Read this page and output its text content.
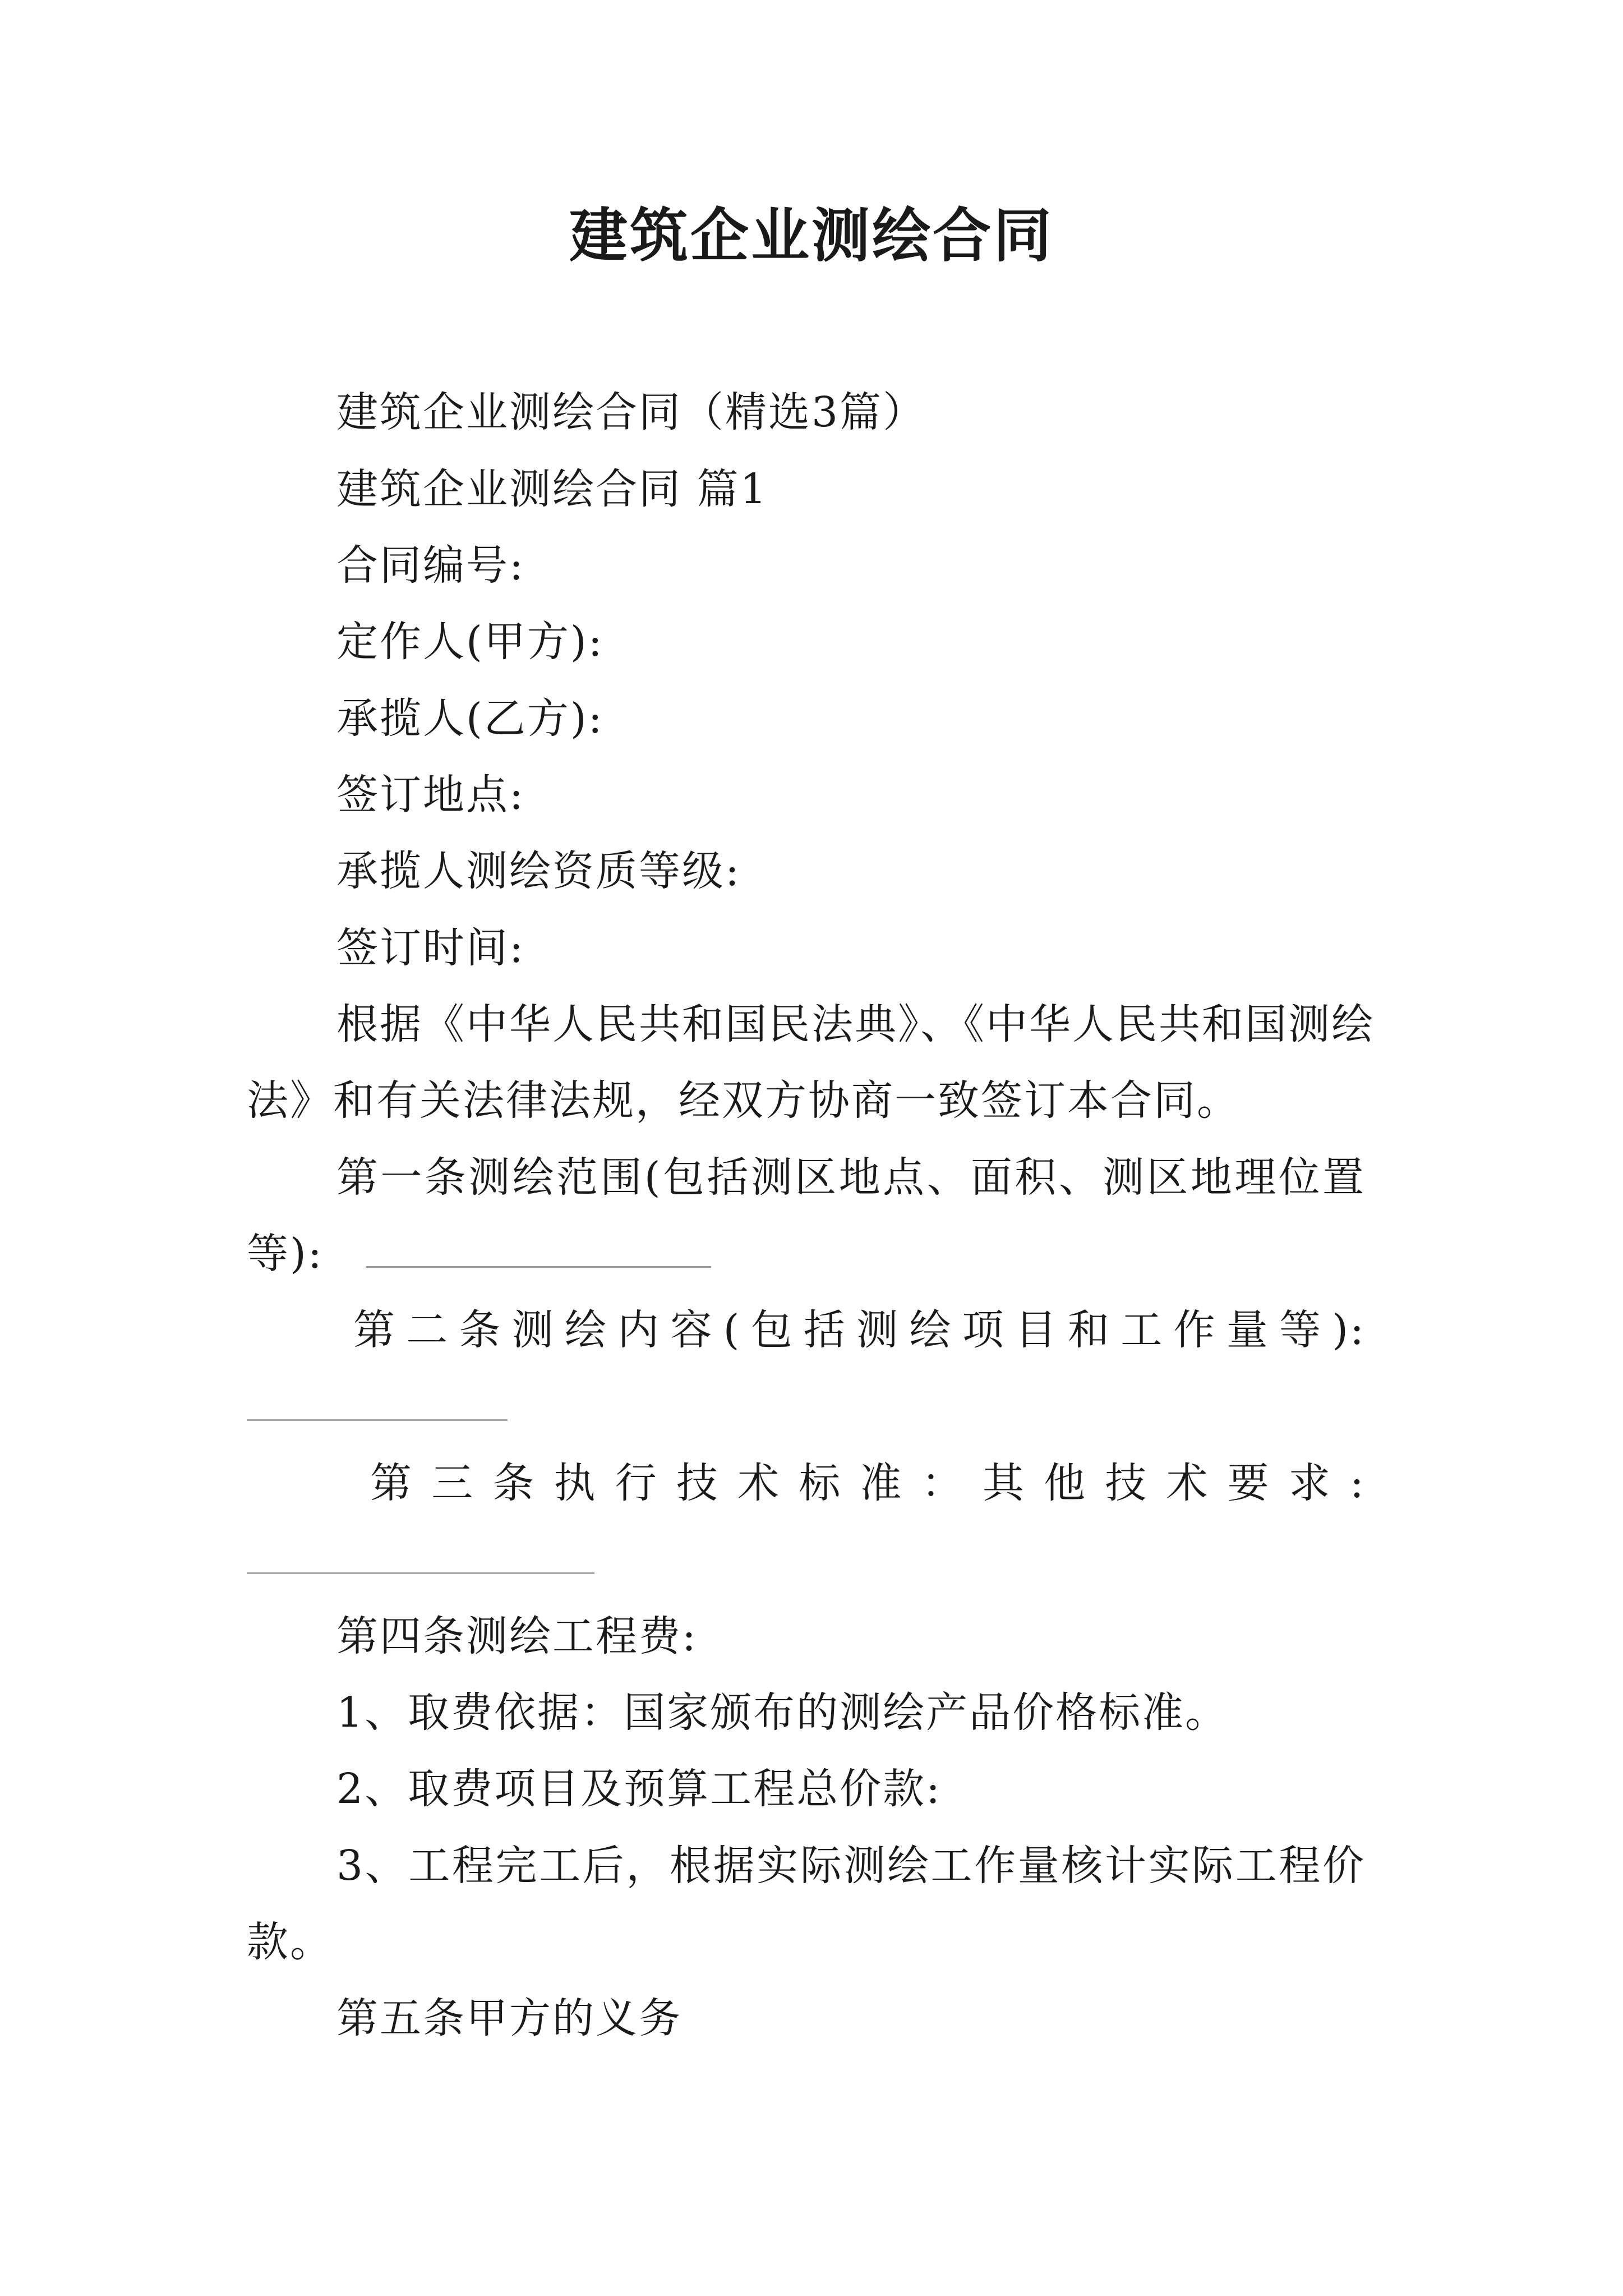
建筑企业测绘合同
建筑企业测绘合同（精选3篇）
建筑企业测绘合同 篇1
合同编号:
定作人(甲方):
承揽人(乙方):
签订地点:
承揽人测绘资质等级:
签订时间:
根据《中华人民共和国民法典》、《中华人民共和国测绘
法》和有关法律法规，经双方协商一致签订本合同。
第一条测绘范围(包括测区地点、面积、测区地理位置
等):
第二条测绘内容(包括测绘项目和工作量等):
第三条执行技术标准：其他技术要求:
第四条测绘工程费:
1、取费依据：国家颁布的测绘产品价格标准。
2、取费项目及预算工程总价款:
3、工程完工后，根据实际测绘工作量核计实际工程价
款。
第五条甲方的义务
